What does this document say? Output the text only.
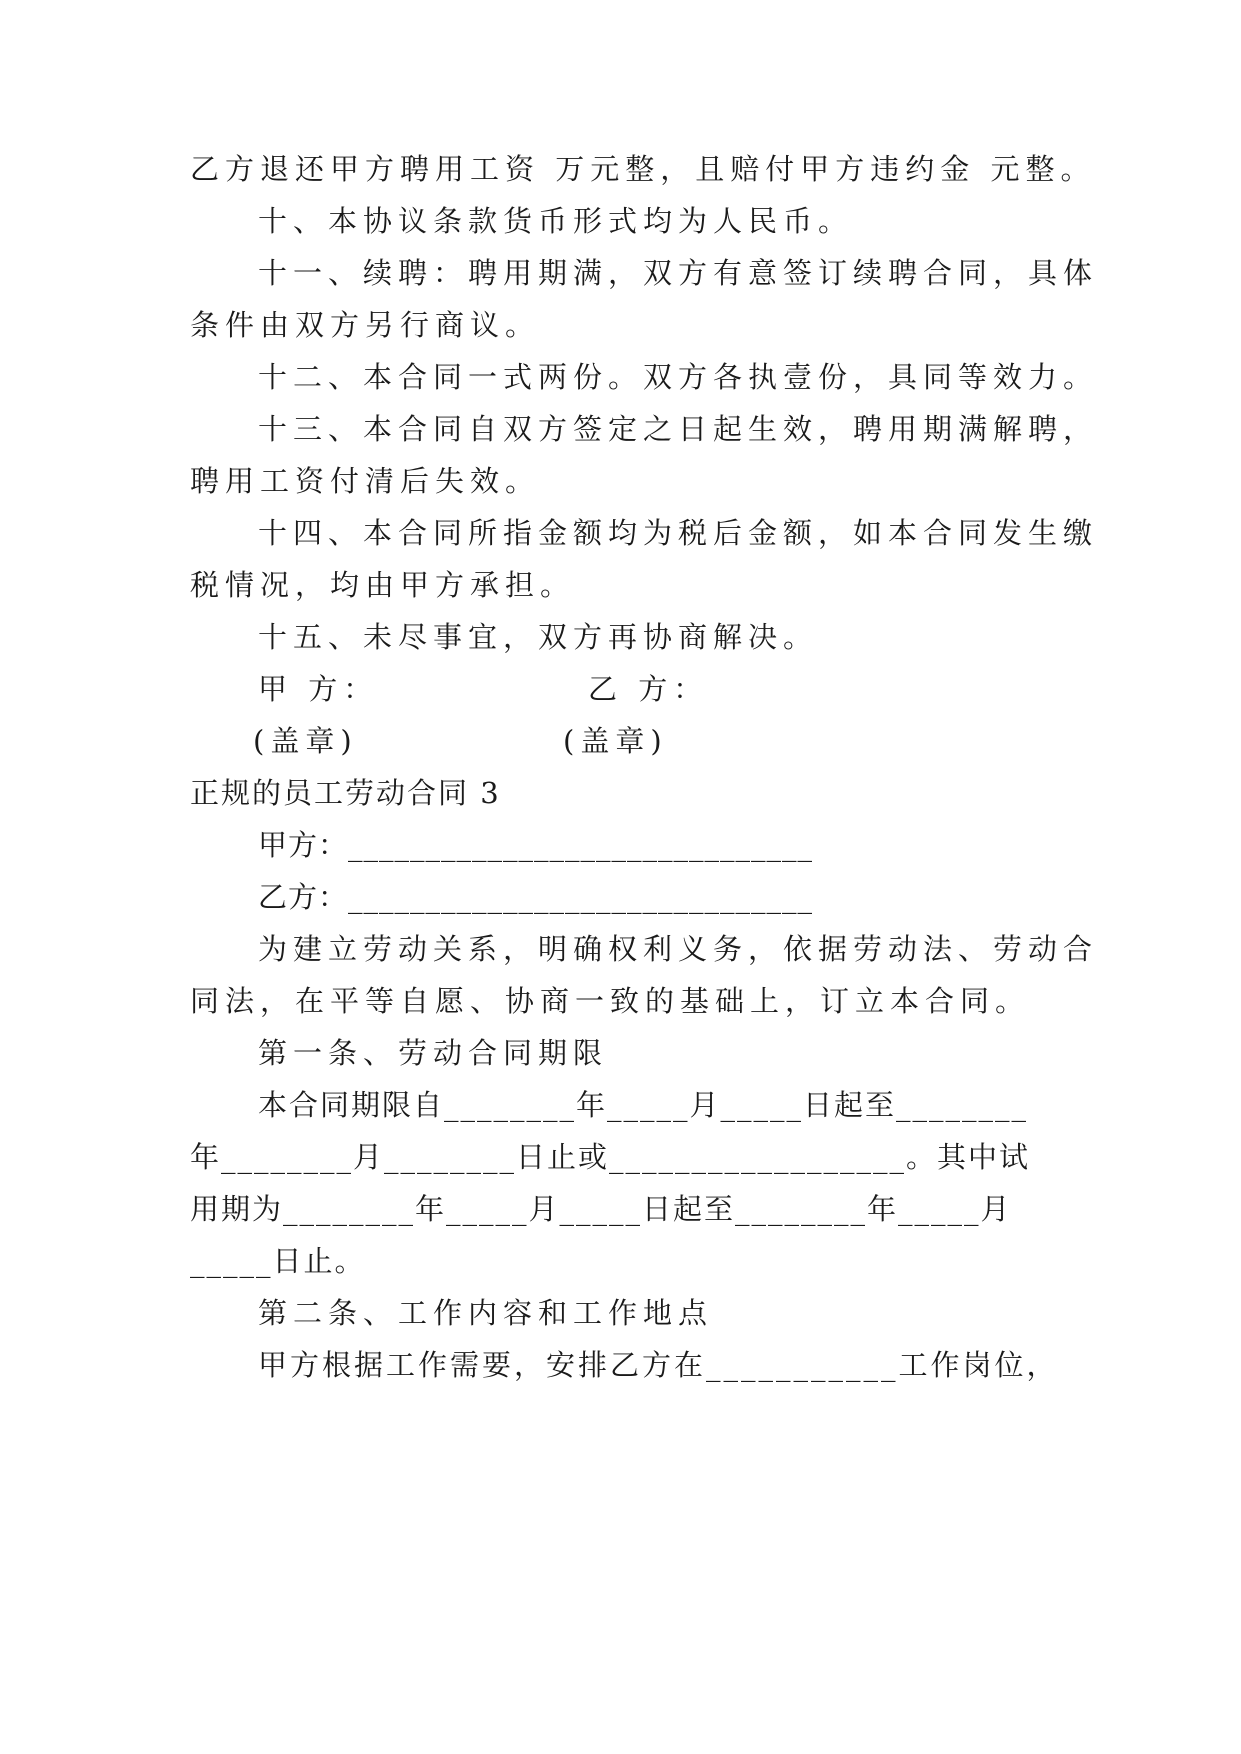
乙方退还甲方聘用工资 万元整，且赔付甲方违约金 元整。
十、本协议条款货币形式均为人民币。
十一、续聘：聘用期满，双方有意签订续聘合同，具体
条件由双方另行商议。
十二、本合同一式两份。双方各执壹份，具同等效力。
十三、本合同自双方签定之日起生效，聘用期满解聘，
聘用工资付清后失效。
十四、本合同所指金额均为税后金额，如本合同发生缴
税情况，均由甲方承担。
十五、未尽事宜，双方再协商解决。
甲 方：	乙 方：
(盖章)	(盖章)
正规的员工劳动合同 3
甲方：______________________________
乙方：______________________________
为建立劳动关系，明确权利义务，依据劳动法、劳动合
同法，在平等自愿、协商一致的基础上，订立本合同。
第一条、劳动合同期限
本合同期限自________年_____月_____日起至________
年________月________日止或__________________。其中试
用期为________年_____月_____日起至________年_____月
_____日止。
第二条、工作内容和工作地点
甲方根据工作需要，安排乙方在___________工作岗位，
